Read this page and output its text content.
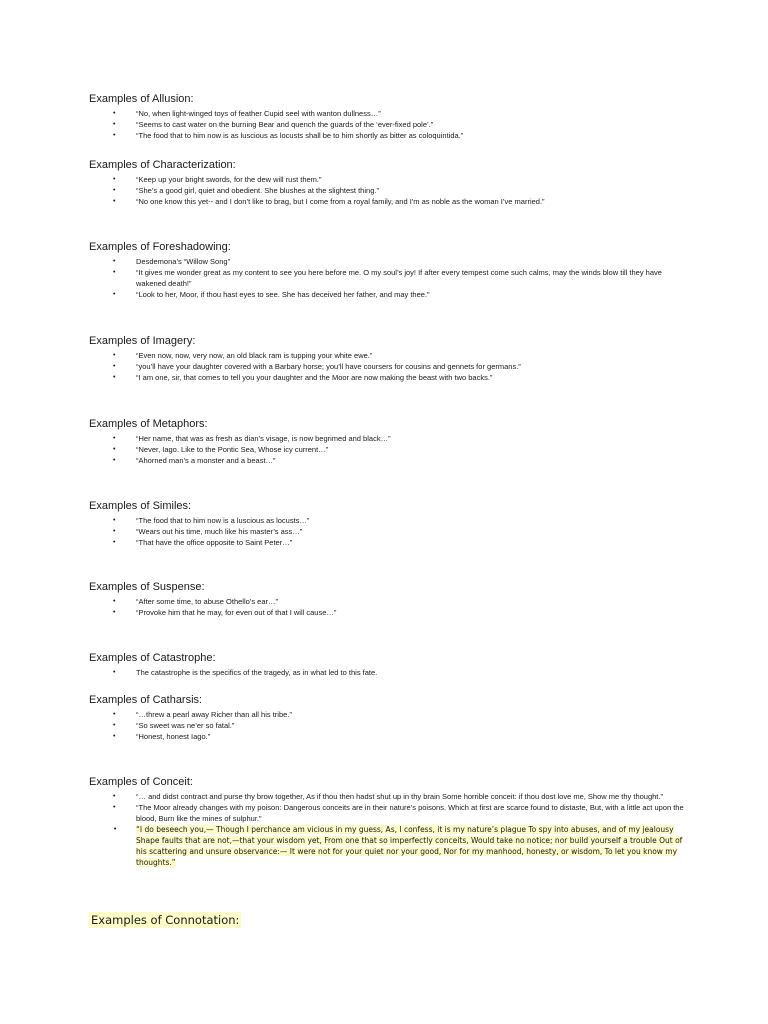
Examples of Allusion:
•	“No, when light-winged toys of feather Cupid seel with wanton dullness…”
•	“Seems to cast water on the burning Bear and quench the guards of the ‘ever-fixed pole’.”
•	“The food that to him now is as luscious as locusts shall be to him shortly as bitter as coloquintida.”
Examples of Characterization:
•	“Keep up your bright swords, for the dew will rust them.”
•	“She’s a good girl, quiet and obedient. She blushes at the slightest thing.”
•	“No one know this yet-- and I don’t like to brag, but I come from a royal family, and I'm as noble as the woman I’ve married.”
Examples of Foreshadowing:
•	Desdemona’s “Willow Song”
•	“It gives me wonder great as my content to see you here before me. O my soul’s joy! If after every tempest come such calms, may the winds blow till they have wakened death!”
•	“Look to her, Moor, if thou hast eyes to see. She has deceived her father, and may thee.”
Examples of Imagery:
•	“Even now, now, very now, an old black ram is tupping your white ewe.”
•	“you’ll have your daughter covered with a Barbary horse; you’ll have coursers for cousins and gennets for germans.”
•	“I am one, sir, that comes to tell you your daughter and the Moor are now making the beast with two backs.”
Examples of Metaphors:
•	“Her name, that was as fresh as dian’s visage, is now begrimed and black…”
•	“Never, Iago. Like to the Pontic Sea, Whose icy current…”
•	“Ahorned man’s a monster and a beast…”
Examples of Similes:
•	“The food that to him now is a luscious as locusts…”
•	“Wears out his time, much like his master’s ass…”
•	“That have the office opposite to Saint Peter…”
Examples of Suspense:
•	“After some time, to abuse Othello’s ear…”
•	“Provoke him that he may, for even out of that I will cause…”
Examples of Catastrophe:
•	The catastrophe is the specifics of the tragedy, as in what led to this fate.
Examples of Catharsis:
•	“…threw a pearl away Richer than all his tribe.”
•	“So sweet was ne’er so fatal.”
•	“Honest, honest Iago.”
Examples of Conceit:
•	“… and didst contract and purse thy brow together, As if thou then hadst shut up in thy brain Some horrible conceit: if thou dost love me, Show me thy thought.”
•	“The Moor already changes with my poison: Dangerous conceits are in their nature’s poisons. Which at first are scarce found to distaste, But, with a little act upon the blood, Burn like the mines of sulphur.”
•	“I do beseech you,— Though I perchance am vicious in my guess, As, I confess, it is my nature’s plague To spy into abuses, and of my jealousy Shape faults that are not,—that your wisdom yet, From one that so imperfectly conceits, Would take no notice; nor build yourself a trouble Out of his scattering and unsure observance:— It were not for your quiet nor your good, Nor for my manhood, honesty, or wisdom, To let you know my thoughts.”
Examples of Connotation:
